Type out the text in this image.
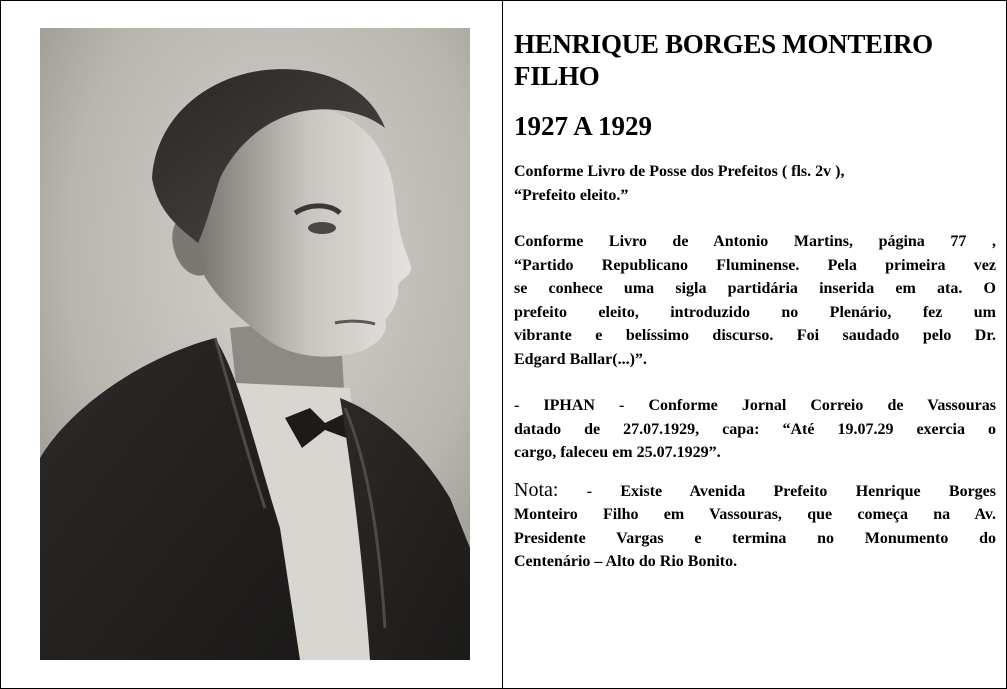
HENRIQUE BORGES MONTEIRO
FILHO

1927 A 1929

Conforme Livro de Posse dos Prefeitos ( fls. 2v ),
“Prefeito eleito.”

Conforme Livro de Antonio Martins, página 77 ,
“Partido Republicano Fluminense. Pela primeira vez
se conhece uma sigla partidária inserida em ata. O
prefeito eleito, introduzido no Plenário, fez um
vibrante e belíssimo discurso. Foi saudado pelo Dr.
Edgard Ballar(...)”.

- IPHAN - Conforme Jornal Correio de Vassouras
datado de 27.07.1929, capa: “Até 19.07.29 exercia o
cargo, faleceu em 25.07.1929”.

Nota: - Existe Avenida Prefeito Henrique Borges
Monteiro Filho em Vassouras, que começa na Av.
Presidente Vargas e termina no Monumento do
Centenário – Alto do Rio Bonito.
